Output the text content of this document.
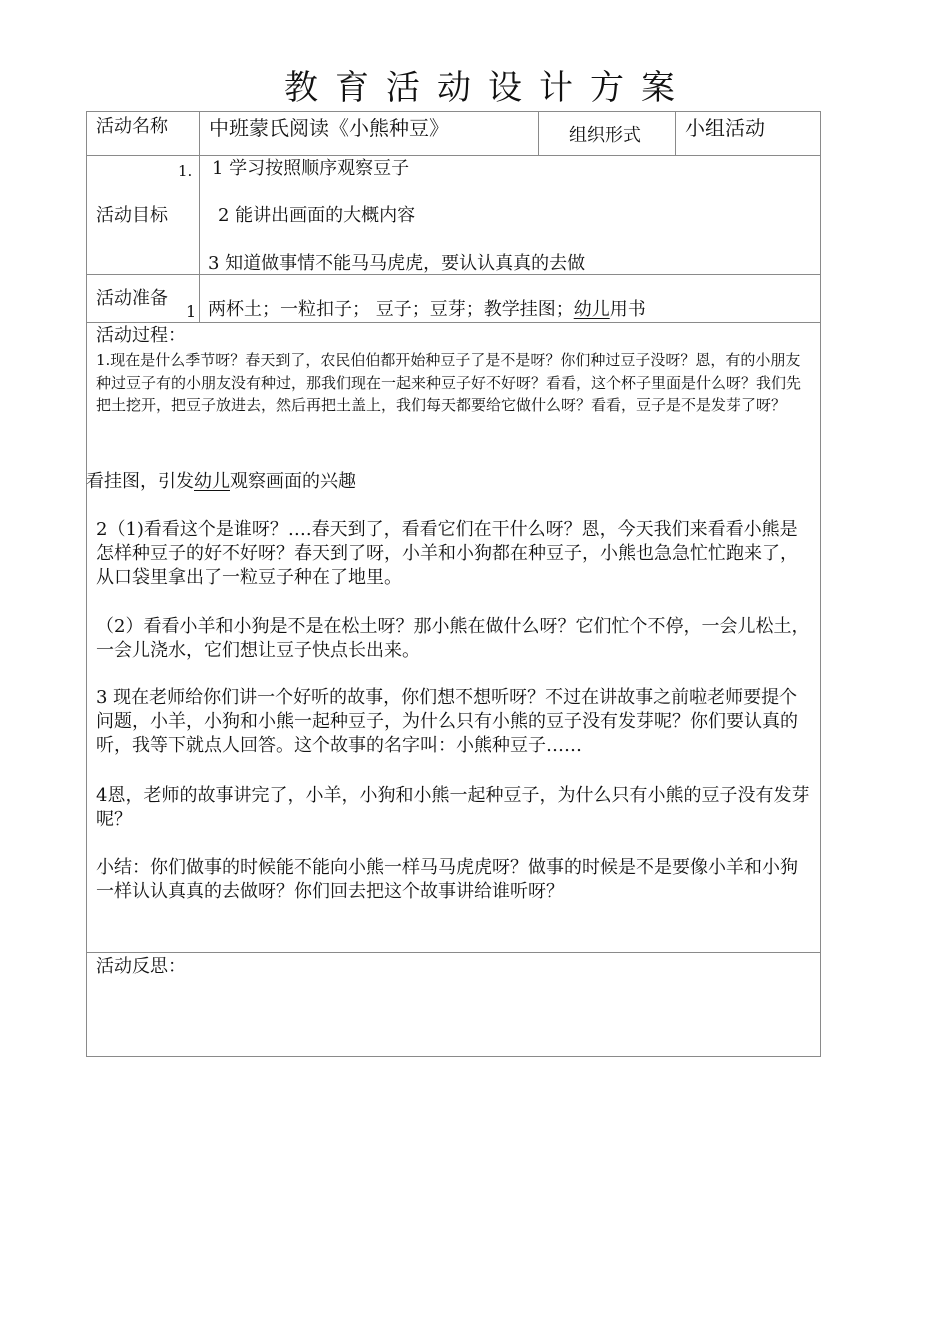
教育活动设计方案
活动名称 中班蒙氏阅读《小熊种豆》	组织形式 小组活动
1.
活动目标
1 学习按照顺序观察豆子
2 能讲出画面的大概内容
3 知道做事情不能马马虎虎，要认认真真的去做
活动准备
1 两杯土；一粒扣子； 豆子；豆芽；教学挂图；幼儿用书
活动过程：
1.现在是什么季节呀？春天到了，农民伯伯都开始种豆子了是不是呀？你们种过豆子没呀？恩，有的小朋友种过豆子有的小朋友没有种过，那我们现在一起来种豆子好不好呀？看看，这个杯子里面是什么呀？我们先把土挖开，把豆子放进去，然后再把土盖上，我们每天都要给它做什么呀？看看，豆子是不是发芽了呀？
看挂图，引发幼儿观察画面的兴趣
2（1)看看这个是谁呀？….春天到了，看看它们在干什么呀？恩，今天我们来看看小熊是怎样种豆子的好不好呀？春天到了呀，小羊和小狗都在种豆子，小熊也急急忙忙跑来了，从口袋里拿出了一粒豆子种在了地里。
（2）看看小羊和小狗是不是在松土呀？那小熊在做什么呀？它们忙个不停，一会儿松土，一会儿浇水，它们想让豆子快点长出来。
3 现在老师给你们讲一个好听的故事，你们想不想听呀？不过在讲故事之前啦老师要提个问题，小羊，小狗和小熊一起种豆子，为什么只有小熊的豆子没有发芽呢？你们要认真的听，我等下就点人回答。这个故事的名字叫：小熊种豆子……
4恩，老师的故事讲完了，小羊，小狗和小熊一起种豆子，为什么只有小熊的豆子没有发芽呢？
小结：你们做事的时候能不能向小熊一样马马虎虎呀？做事的时候是不是要像小羊和小狗一样认认真真的去做呀？你们回去把这个故事讲给谁听呀？
活动反思：
